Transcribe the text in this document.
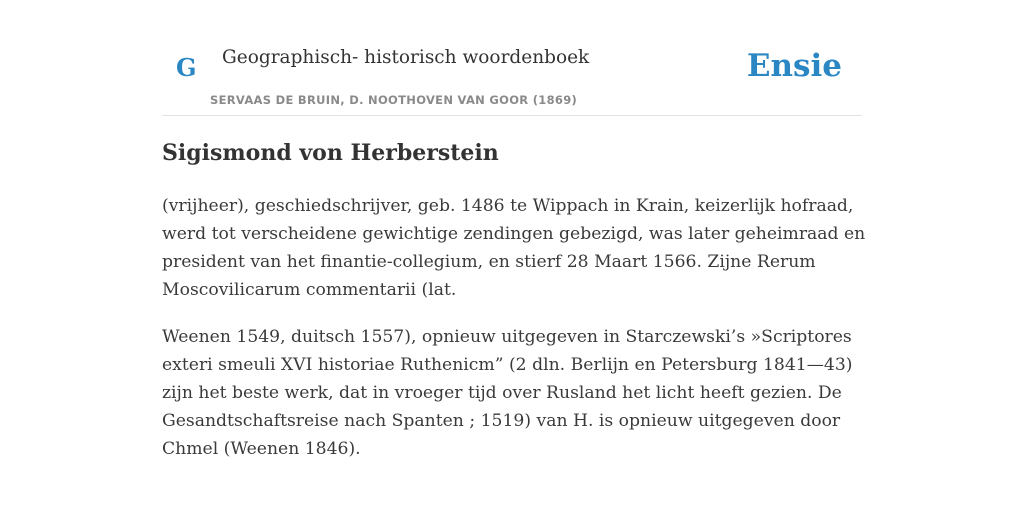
G Geographisch- historisch woordenboek
SERVAAS DE BRUIN, D. NOOTHOVEN VAN GOOR (1869)
Ensie
Sigismond von Herberstein

(vrijheer), geschiedschrijver, geb. 1486 te Wippach in Krain, keizerlijk hofraad, werd tot verscheidene gewichtige zendingen gebezigd, was later geheimraad en president van het finantie-collegium, en stierf 28 Maart 1566. Zijne Rerum Moscovilicarum commentarii (lat.

Weenen 1549, duitsch 1557), opnieuw uitgegeven in Starczewski’s »Scriptores exteri smeuli XVI historiae Ruthenicm” (2 dln. Berlijn en Petersburg 1841—43) zijn het beste werk, dat in vroeger tijd over Rusland het licht heeft gezien. De Gesandtschaftsreise nach Spanten ; 1519) van H. is opnieuw uitgegeven door Chmel (Weenen 1846).
